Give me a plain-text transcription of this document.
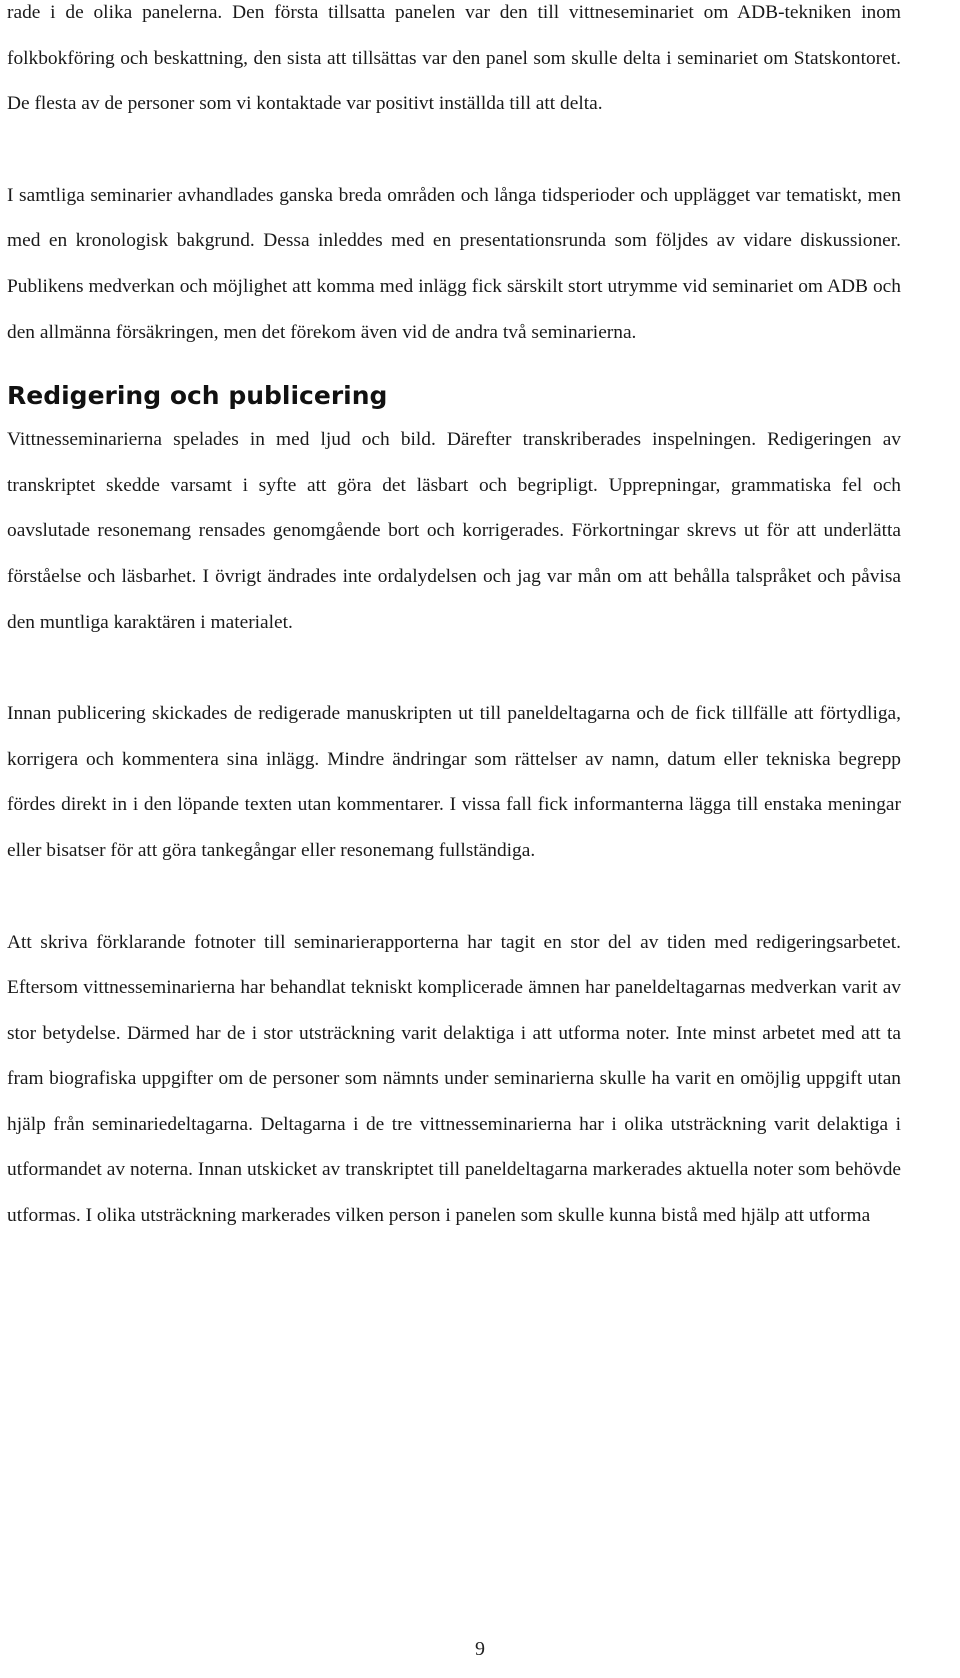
rade i de olika panelerna. Den första tillsatta panelen var den till vittneseminariet om ADB-tekniken inom folkbokföring och beskattning, den sista att tillsättas var den panel som skulle delta i seminariet om Statskontoret. De flesta av de personer som vi kontaktade var positivt inställda till att delta.

I samtliga seminarier avhandlades ganska breda områden och långa tidsperioder och upplägget var tematiskt, men med en kronologisk bakgrund. Dessa inleddes med en presentationsrunda som följdes av vidare diskussioner. Publikens medverkan och möjlighet att komma med inlägg fick särskilt stort utrymme vid seminariet om ADB och den allmänna försäkringen, men det förekom även vid de andra två seminarierna.

Redigering och publicering

Vittnesseminarierna spelades in med ljud och bild. Därefter transkriberades inspelningen. Redigeringen av transkriptet skedde varsamt i syfte att göra det läsbart och begripligt. Upprepningar, grammatiska fel och oavslutade resonemang rensades genomgående bort och korrigerades. Förkortningar skrevs ut för att underlätta förståelse och läsbarhet. I övrigt ändrades inte ordalydelsen och jag var mån om att behålla talspråket och påvisa den muntliga karaktären i materialet.

Innan publicering skickades de redigerade manuskripten ut till paneldeltagarna och de fick tillfälle att förtydliga, korrigera och kommentera sina inlägg. Mindre ändringar som rättelser av namn, datum eller tekniska begrepp fördes direkt in i den löpande texten utan kommentarer. I vissa fall fick informanterna lägga till enstaka meningar eller bisatser för att göra tankegångar eller resonemang fullständiga.

Att skriva förklarande fotnoter till seminarierapporterna har tagit en stor del av tiden med redigeringsarbetet. Eftersom vittnesseminarierna har behandlat tekniskt komplicerade ämnen har paneldeltagarnas medverkan varit av stor betydelse. Därmed har de i stor utsträckning varit delaktiga i att utforma noter. Inte minst arbetet med att ta fram biografiska uppgifter om de personer som nämnts under seminarierna skulle ha varit en omöjlig uppgift utan hjälp från seminariedeltagarna. Deltagarna i de tre vittnesseminarierna har i olika utsträckning varit delaktiga i utformandet av noterna. Innan utskicket av transkriptet till paneldeltagarna markerades aktuella noter som behövde utformas. I olika utsträckning markerades vilken person i panelen som skulle kunna bistå med hjälp att utforma

9
